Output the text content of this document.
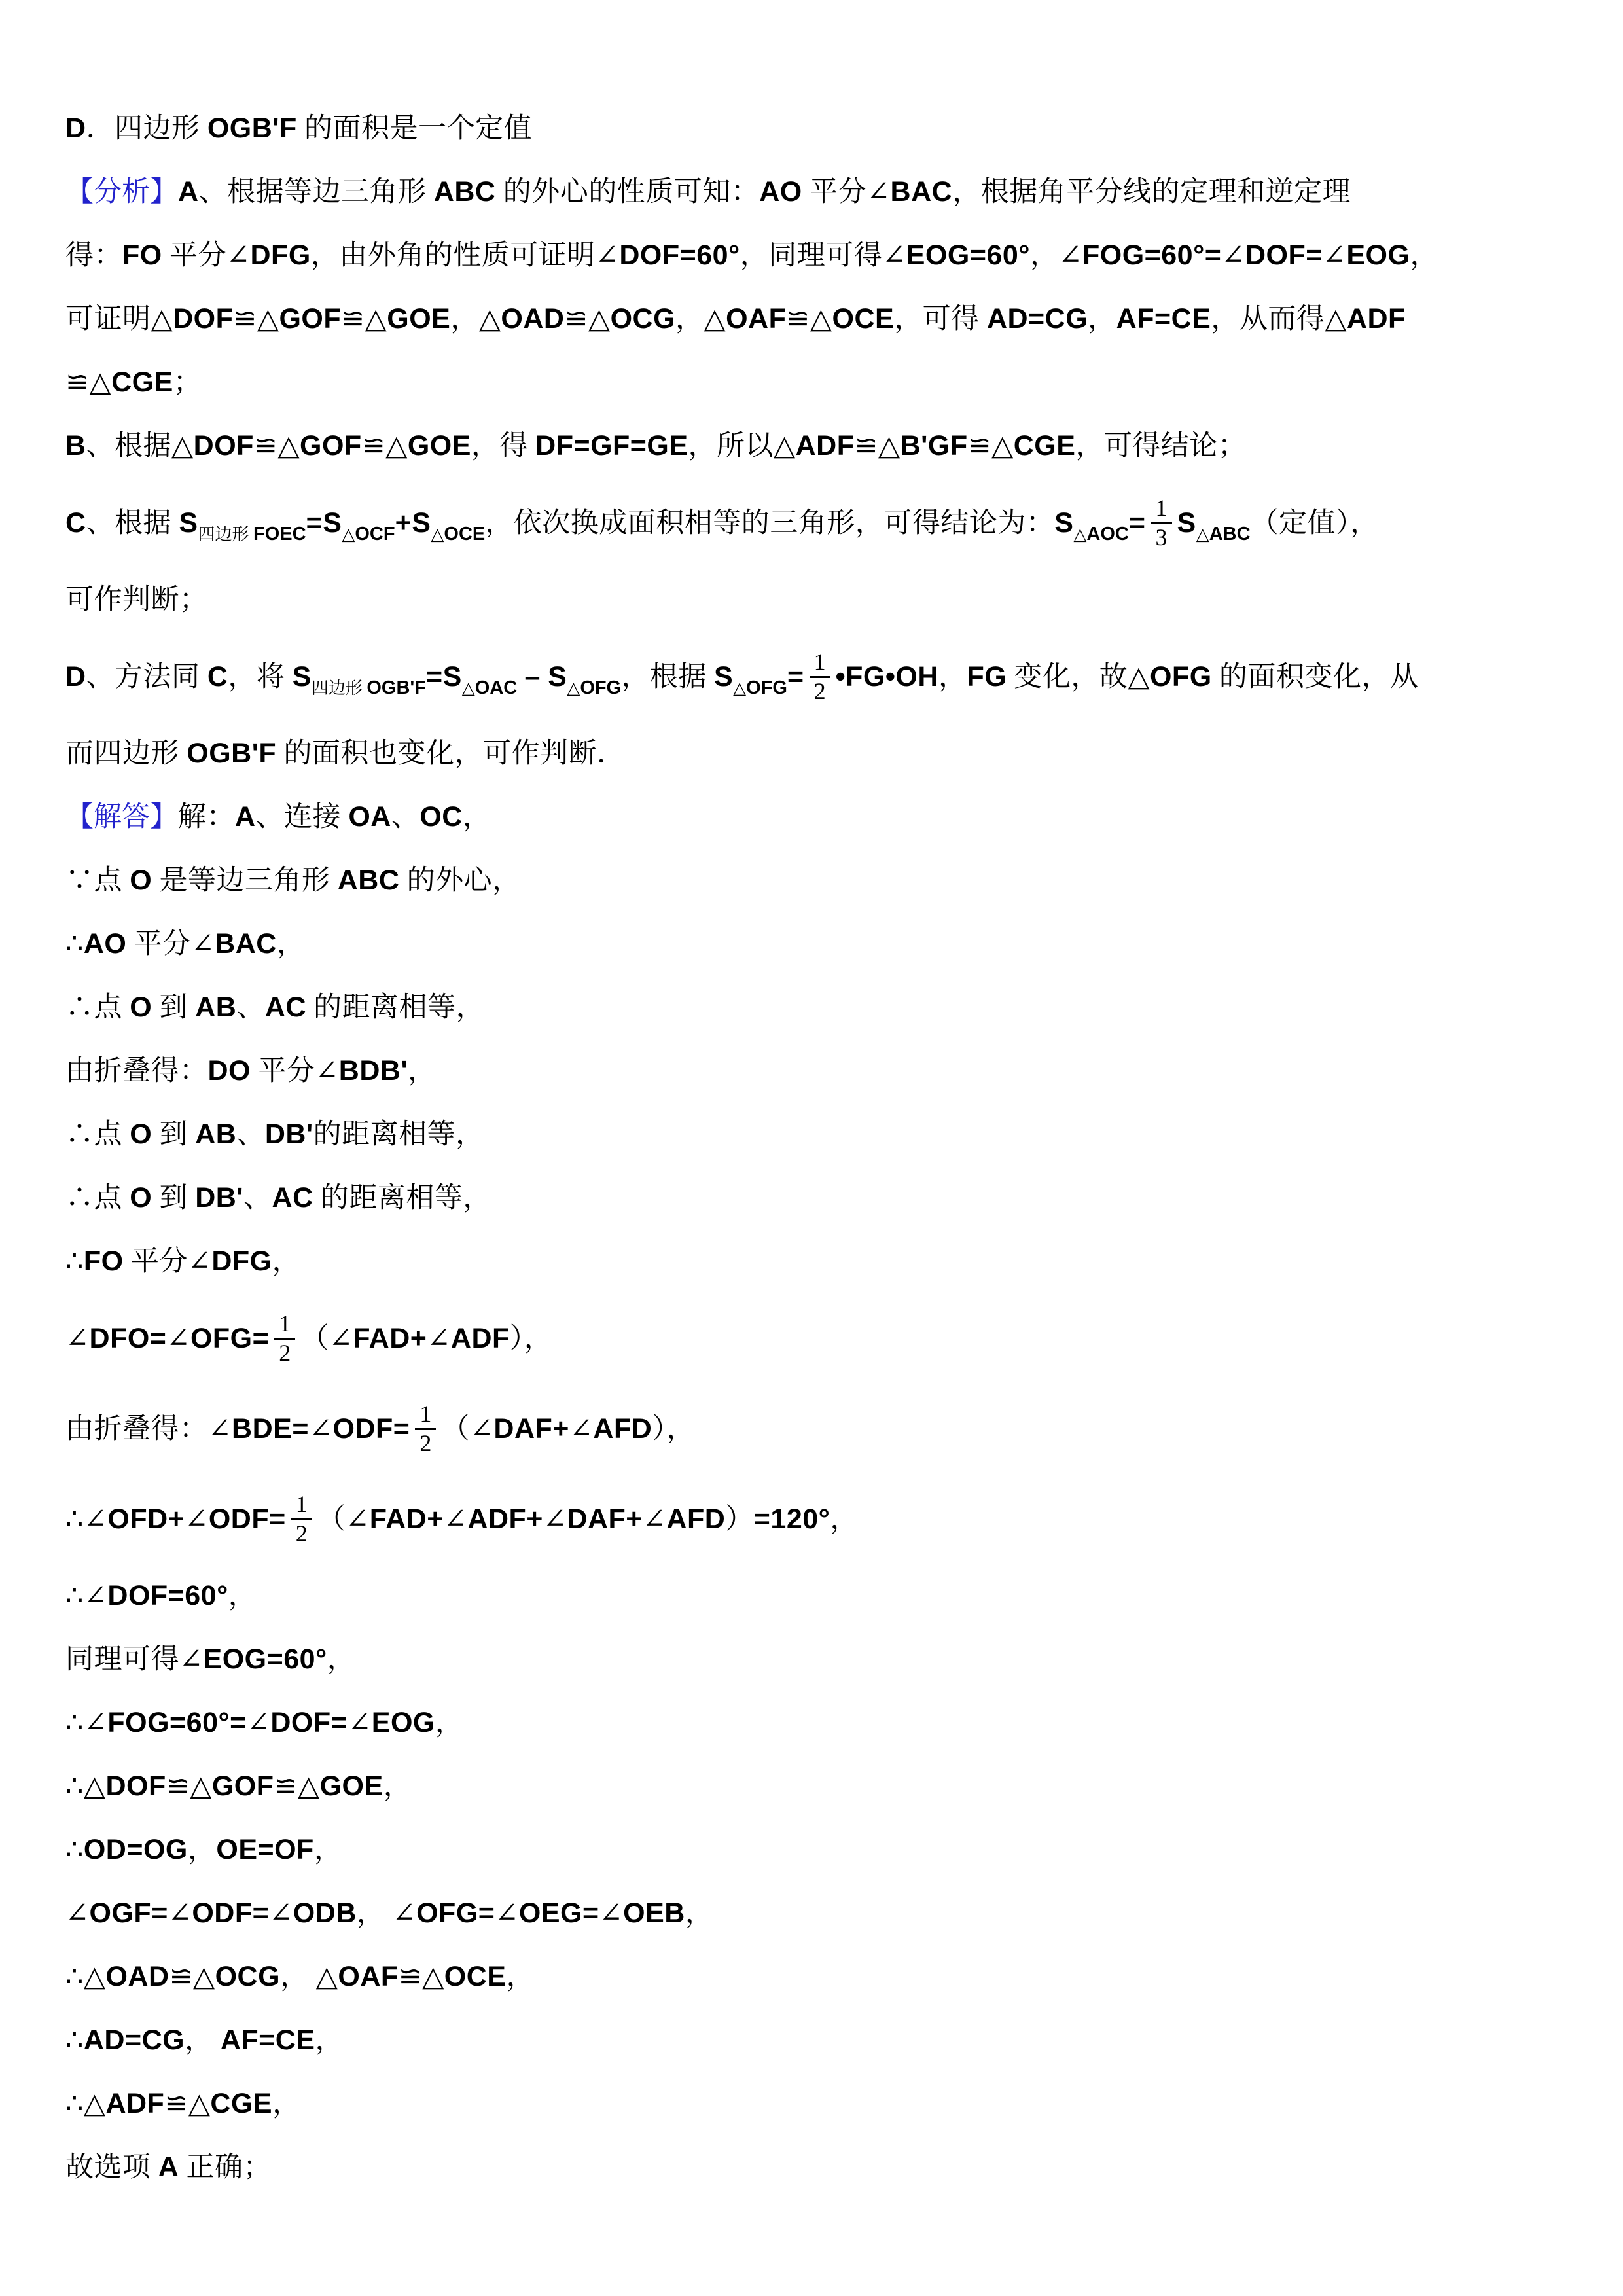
D．四边形 OGB'F 的面积是一个定值

【分析】A、根据等边三角形 ABC 的外心的性质可知：AO 平分∠BAC，根据角平分线的定理和逆定理

得：FO 平分∠DFG，由外角的性质可证明∠DOF=60°，同理可得∠EOG=60°，∠FOG=60°=∠DOF=∠EOG，

可证明△DOF≌△GOF≌△GOE，△OAD≌△OCG，△OAF≌△OCE，可得 AD=CG，AF=CE，从而得△ADF

≌△CGE；

B、根据△DOF≌△GOF≌△GOE，得 DF=GF=GE，所以△ADF≌△B'GF≌△CGE，可得结论；

C、根据 $S_{四边形 FOEC}=S_{\triangle OCF}+S_{\triangle OCE}$，依次换成面积相等的三角形，可得结论为：$S_{\triangle AOC}= \frac{1}{3} S_{\triangle ABC}$（定值），

可作判断；

D、方法同 C，将 $S_{四边形 OGB'F}=S_{\triangle OAC} - S_{\triangle OFG}$，根据 $S_{\triangle OFG}= \frac{1}{2}$ •FG•OH，FG 变化，故△OFG 的面积变化，从

而四边形 OGB'F 的面积也变化，可作判断．

【解答】解：A、连接 OA、OC，

∵点 O 是等边三角形 ABC 的外心，

∴AO 平分∠BAC，

∴点 O 到 AB、AC 的距离相等，

由折叠得：DO 平分∠BDB'，

∴点 O 到 AB、DB'的距离相等，

∴点 O 到 DB'、AC 的距离相等，

∴FO 平分∠DFG，

∠DFO=∠OFG= $\frac{1}{2}$ （∠FAD+∠ADF），

由折叠得：∠BDE=∠ODF= $\frac{1}{2}$ （∠DAF+∠AFD），

∴∠OFD+∠ODF= $\frac{1}{2}$ （∠FAD+∠ADF+∠DAF+∠AFD）=120°，

∴∠DOF=60°，

同理可得∠EOG=60°，

∴∠FOG=60°=∠DOF=∠EOG，

∴△DOF≌△GOF≌△GOE，

∴OD=OG，OE=OF，

∠OGF=∠ODF=∠ODB， ∠OFG=∠OEG=∠OEB，

∴△OAD≌△OCG， △OAF≌△OCE，

∴AD=CG， AF=CE，

∴△ADF≌△CGE，

故选项 A 正确；
